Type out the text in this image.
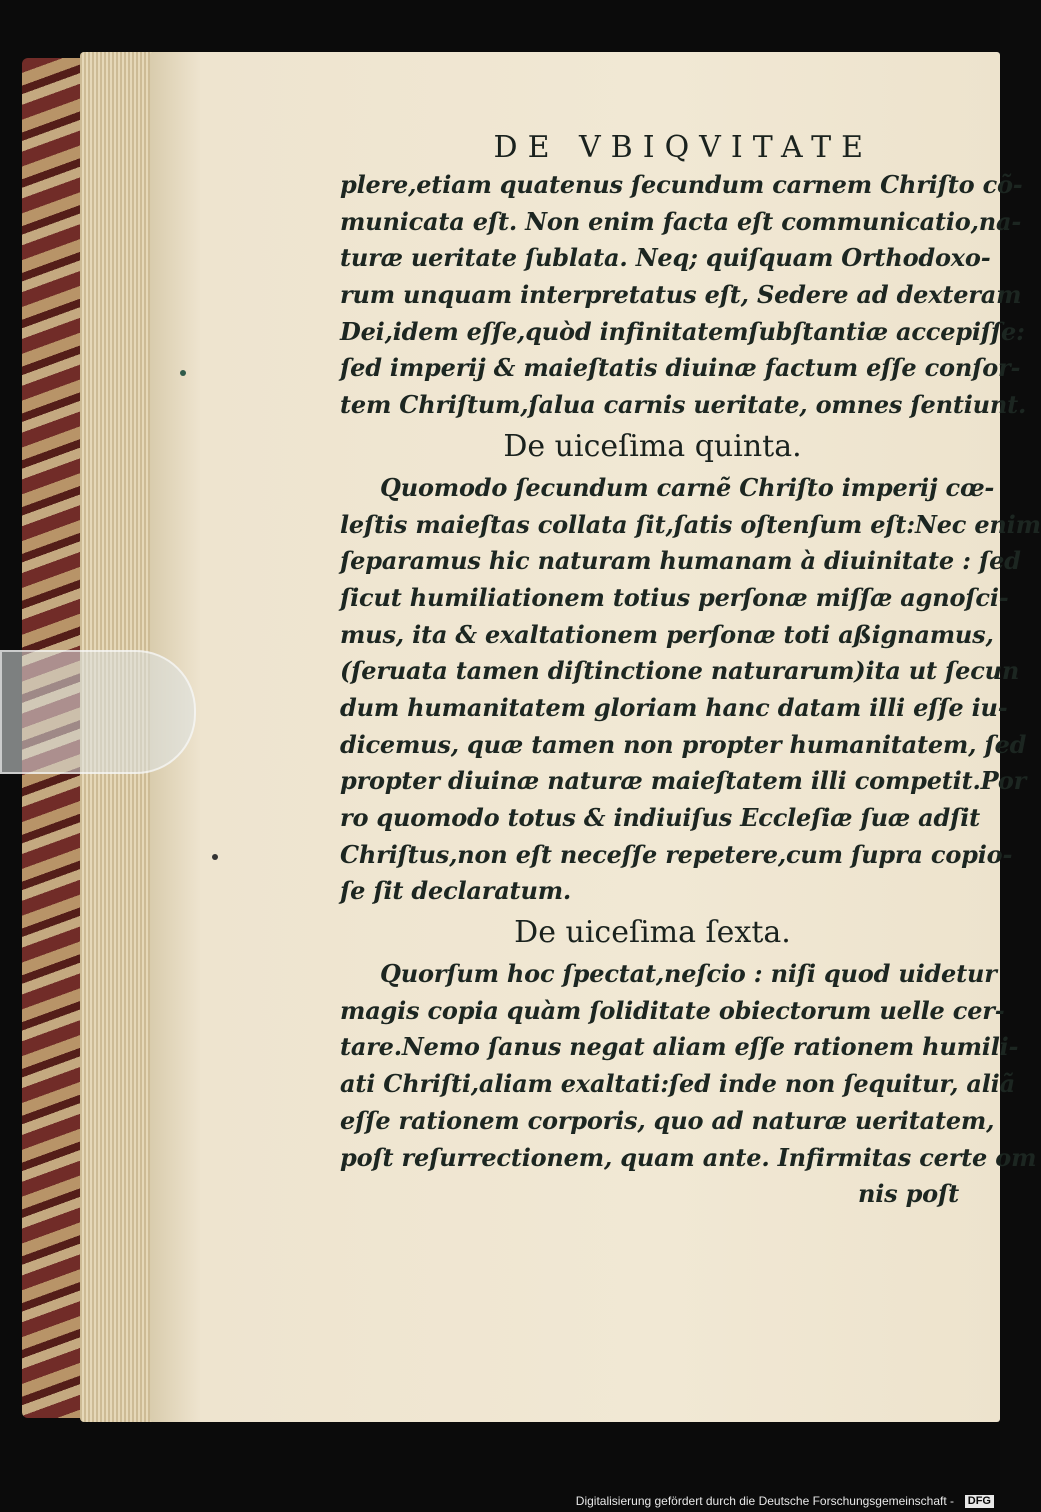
DE VBIQVITATE
plere,etiam quatenus ſecundum carnem Chriſto cõ-
municata eſt. Non enim facta eſt communicatio,na-
turæ ueritate ſublata. Neq; quiſquam Orthodoxo-
rum unquam interpretatus eſt, Sedere ad dexteram
Dei,idem eſſe,quòd infinitatemſubſtantiæ accepiſſe:
ſed imperij & maieſtatis diuinæ factum eſſe conſor-
tem Chriſtum,ſalua carnis ueritate, omnes ſentiunt.
De uiceſima quinta.
Quomodo ſecundum carnẽ Chriſto imperij cœ-
leſtis maieſtas collata ſit,ſatis oſtenſum eſt:Nec enim
ſeparamus hic naturam humanam à diuinitate : ſed
ſicut humiliationem totius perſonæ miſſæ agnoſci-
mus, ita & exaltationem perſonæ toti aßignamus,
(ſeruata tamen diſtinctione naturarum)ita ut ſecun
dum humanitatem gloriam hanc datam illi eſſe iu-
dicemus, quæ tamen non propter humanitatem, ſed
propter diuinæ naturæ maieſtatem illi competit.Por
ro quomodo totus & indiuiſus Eccleſiæ ſuæ adſit
Chriſtus,non eſt neceſſe repetere,cum ſupra copio-
ſe ſit declaratum.
De uiceſima ſexta.
Quorſum hoc ſpectat,neſcio : niſi quod uidetur
magis copia quàm ſoliditate obiectorum uelle cer-
tare.Nemo ſanus negat aliam eſſe rationem humili-
ati Chriſti,aliam exaltati:ſed inde non ſequitur, aliã
eſſe rationem corporis, quo ad naturæ ueritatem,
poſt reſurrectionem, quam ante. Infirmitas certe om
nis poſt
Digitalisierung gefördert durch die Deutsche Forschungsgemeinschaft - DFG
